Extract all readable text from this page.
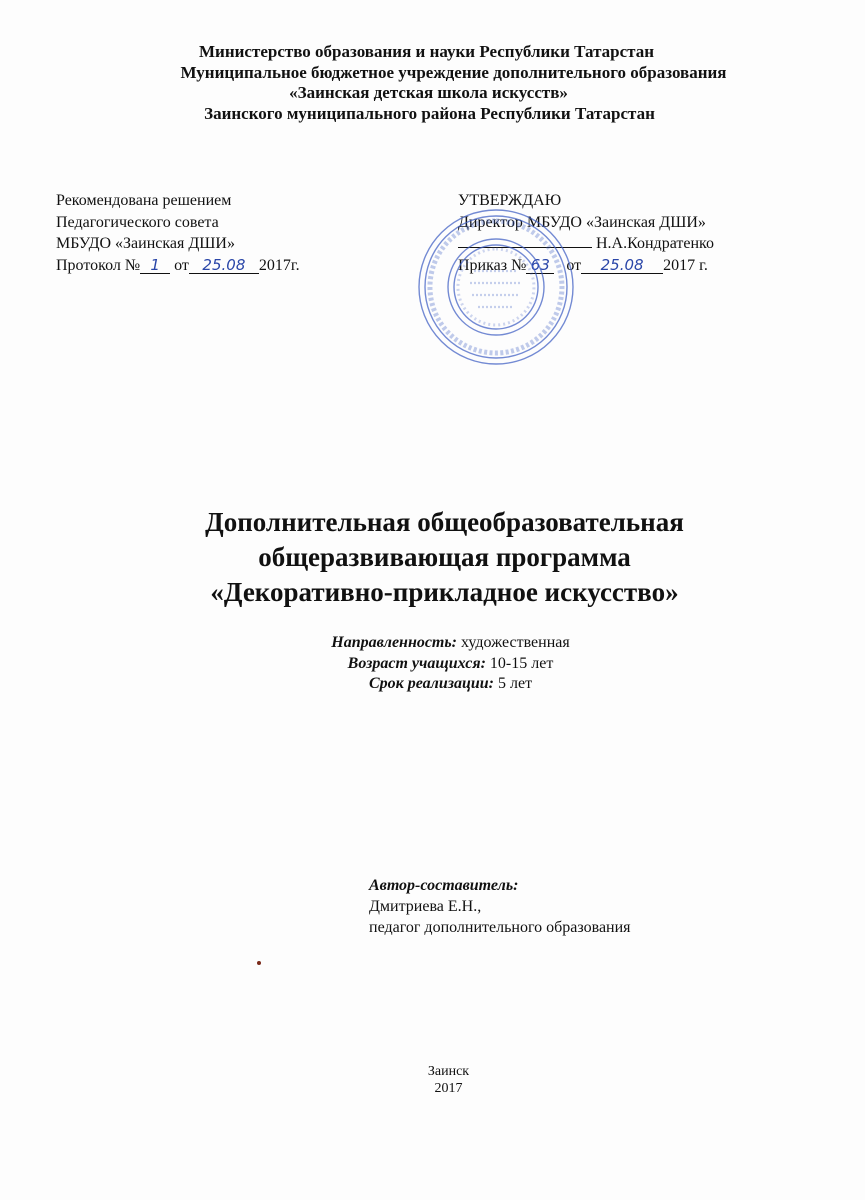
Министерство образования и науки Республики Татарстан
Муниципальное бюджетное учреждение дополнительного образования
«Заинская детская школа искусств»
Заинского муниципального района Республики Татарстан
Рекомендована решением
Педагогического совета
МБУДО «Заинская ДШИ»
Протокол № 1 от 25.08 2017г.
УТВЕРЖДАЮ
Директор МБУДО «Заинская ДШИ»
Н.А.Кондратенко
Приказ № 63 от 25.08 2017 г.
Дополнительная общеобразовательная
общеразвивающая программа
«Декоративно-прикладное искусство»
Направленность: художественная
Возраст учащихся: 10-15 лет
Срок реализации: 5 лет
Автор-составитель:
Дмитриева Е.Н.,
педагог дополнительного образования
Заинск
2017
